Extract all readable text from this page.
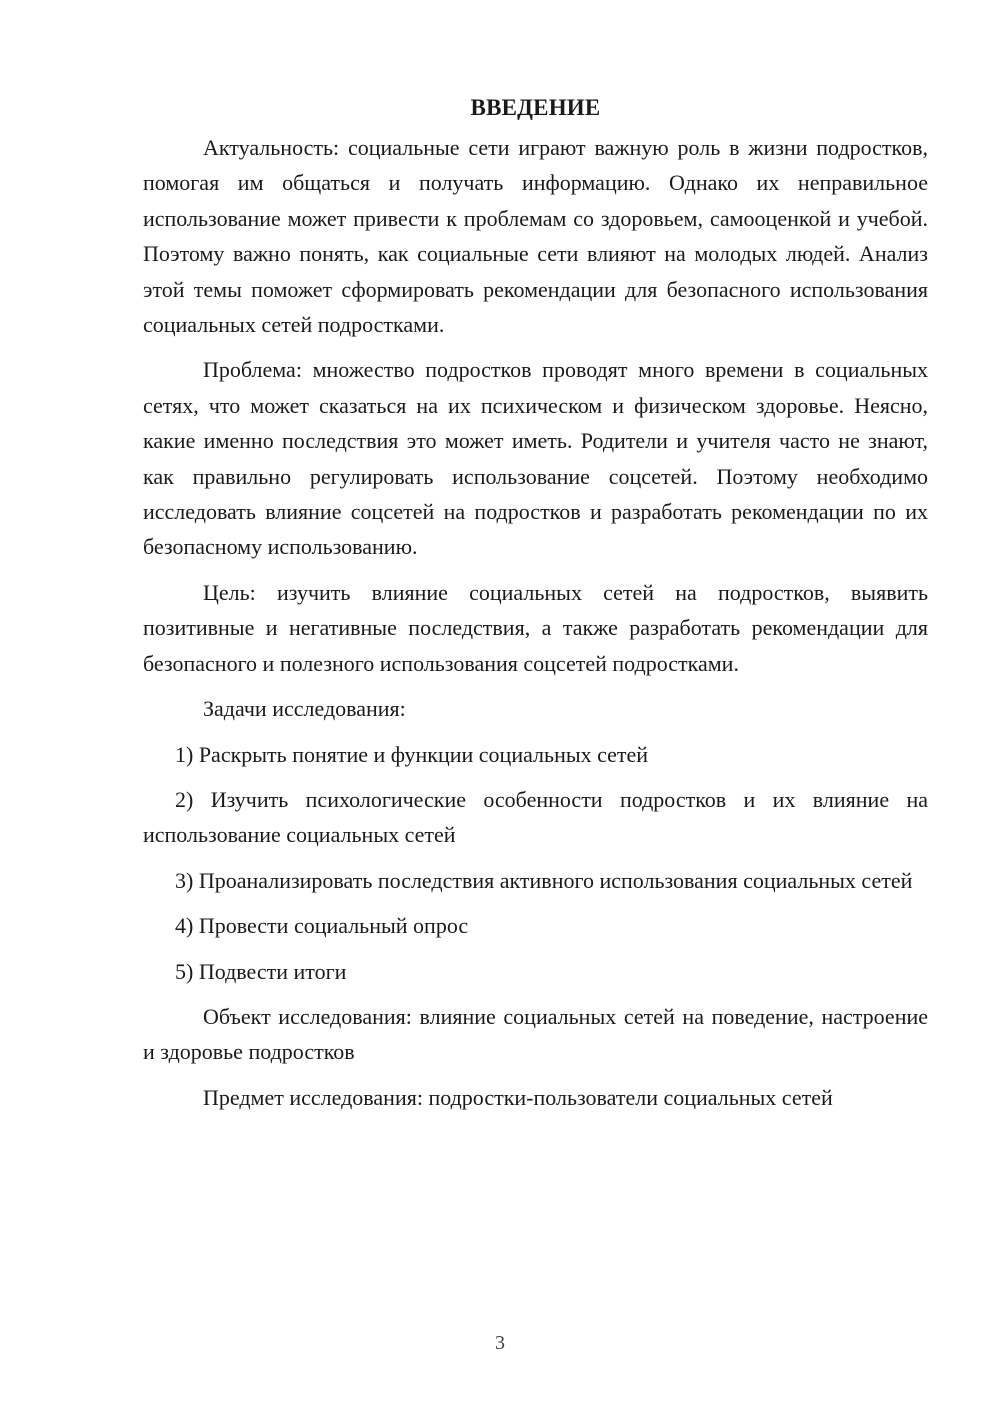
ВВЕДЕНИЕ

Актуальность: социальные сети играют важную роль в жизни подростков, помогая им общаться и получать информацию. Однако их неправильное использование может привести к проблемам со здоровьем, самооценкой и учебой. Поэтому важно понять, как социальные сети влияют на молодых людей. Анализ этой темы поможет сформировать рекомендации для безопасного использования социальных сетей подростками.

Проблема: множество подростков проводят много времени в социальных сетях, что может сказаться на их психическом и физическом здоровье. Неясно, какие именно последствия это может иметь. Родители и учителя часто не знают, как правильно регулировать использование соцсетей. Поэтому необходимо исследовать влияние соцсетей на подростков и разработать рекомендации по их безопасному использованию.

Цель: изучить влияние социальных сетей на подростков, выявить позитивные и негативные последствия, а также разработать рекомендации для безопасного и полезного использования соцсетей подростками.

Задачи исследования:

1) Раскрыть понятие и функции социальных сетей

2) Изучить психологические особенности подростков и их влияние на использование социальных сетей

3) Проанализировать последствия активного использования социальных сетей

4) Провести социальный опрос

5) Подвести итоги

Объект исследования: влияние социальных сетей на поведение, настроение и здоровье подростков

Предмет исследования: подростки-пользователи социальных сетей

3
